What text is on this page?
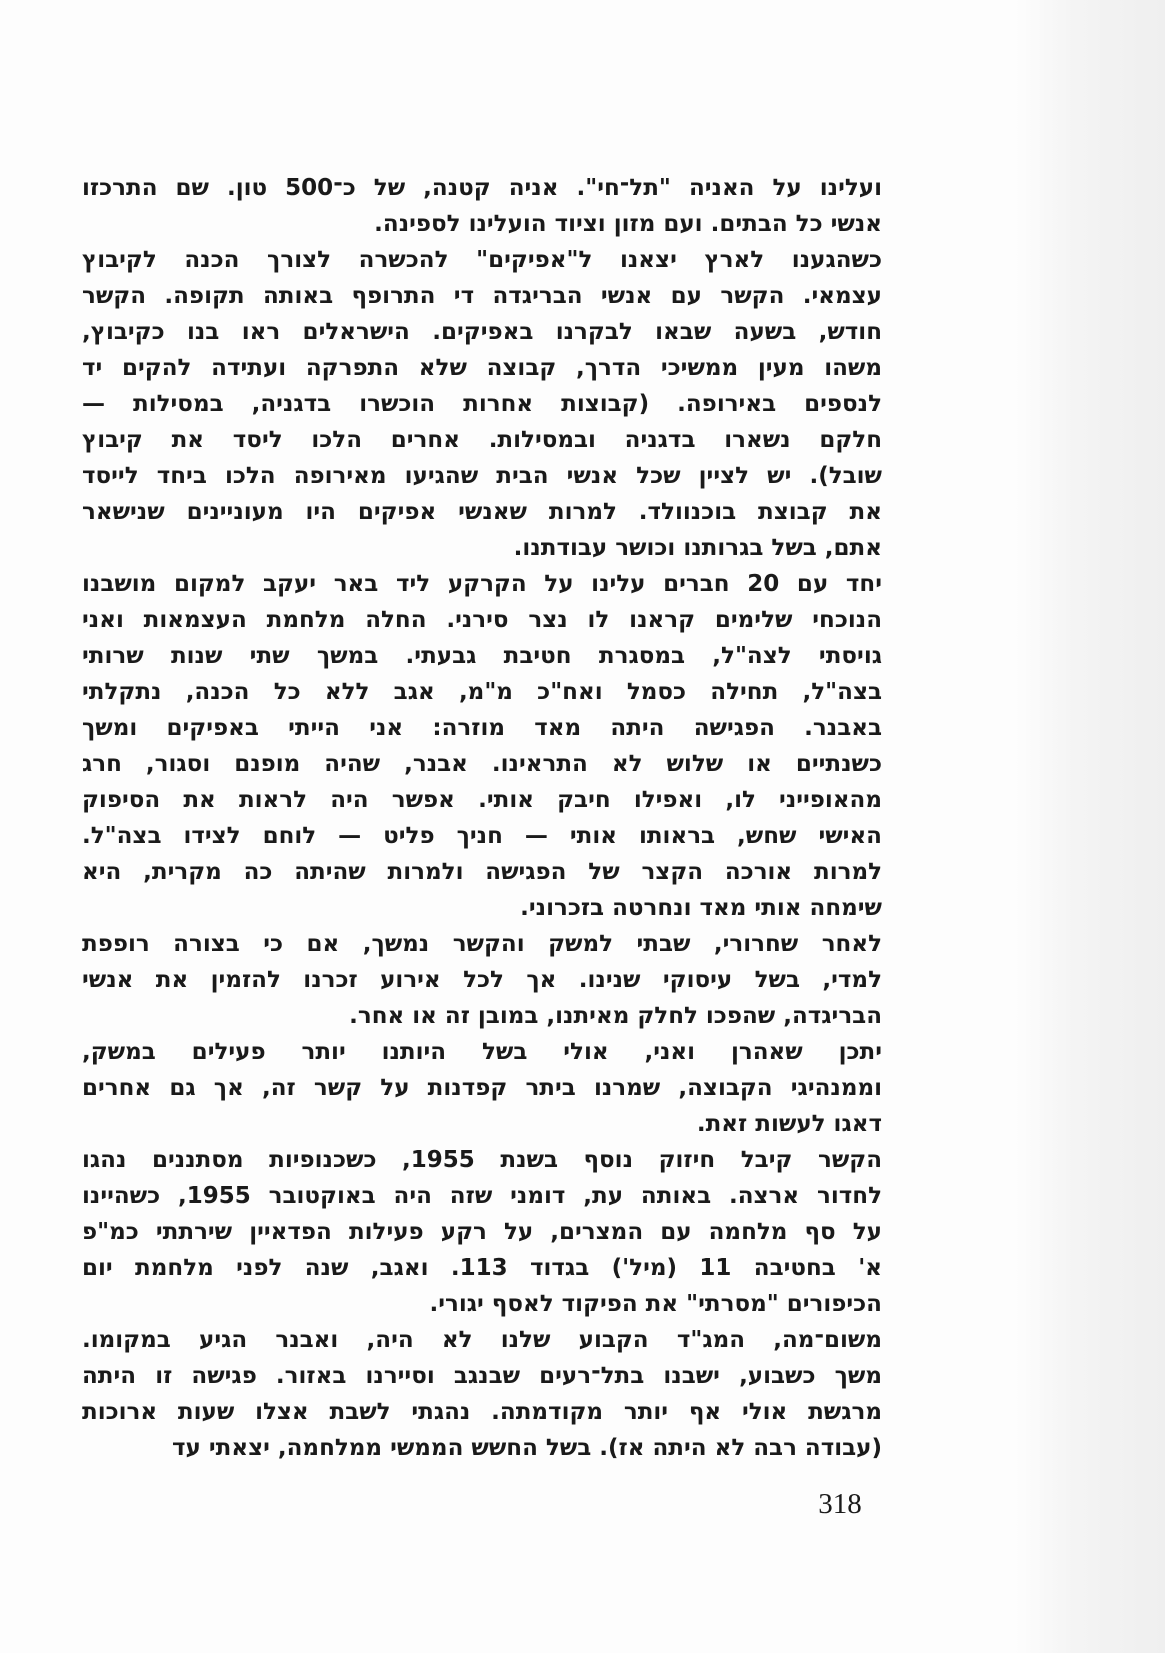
ועלינו על האניה "תל־חי". אניה קטנה, של כ־500 טון. שם התרכזו
אנשי כל הבתים. ועם מזון וציוד הועלינו לספינה.
כשהגענו לארץ יצאנו ל"אפיקים" להכשרה לצורך הכנה לקיבוץ
עצמאי. הקשר עם אנשי הבריגדה די התרופף באותה תקופה. הקשר
חודש, בשעה שבאו לבקרנו באפיקים. הישראלים ראו בנו כקיבוץ,
משהו מעין ממשיכי הדרך, קבוצה שלא התפרקה ועתידה להקים יד
לנספים באירופה. (קבוצות אחרות הוכשרו בדגניה, במסילות —
חלקם נשארו בדגניה ובמסילות. אחרים הלכו ליסד את קיבוץ
שובל). יש לציין שכל אנשי הבית שהגיעו מאירופה הלכו ביחד לייסד
את קבוצת בוכנוולד. למרות שאנשי אפיקים היו מעוניינים שנישאר
אתם, בשל בגרותנו וכושר עבודתנו.
יחד עם 20 חברים עלינו על הקרקע ליד באר יעקב למקום מושבנו
הנוכחי שלימים קראנו לו נצר סירני. החלה מלחמת העצמאות ואני
גויסתי לצה"ל, במסגרת חטיבת גבעתי. במשך שתי שנות שרותי
בצה"ל, תחילה כסמל ואח"כ מ"מ, אגב ללא כל הכנה, נתקלתי
באבנר. הפגישה היתה מאד מוזרה: אני הייתי באפיקים ומשך
כשנתיים או שלוש לא התראינו. אבנר, שהיה מופנם וסגור, חרג
מהאופייני לו, ואפילו חיבק אותי. אפשר היה לראות את הסיפוק
האישי שחש, בראותו אותי — חניך פליט — לוחם לצידו בצה"ל.
למרות אורכה הקצר של הפגישה ולמרות שהיתה כה מקרית, היא
שימחה אותי מאד ונחרטה בזכרוני.
לאחר שחרורי, שבתי למשק והקשר נמשך, אם כי בצורה רופפת
למדי, בשל עיסוקי שנינו. אך לכל אירוע זכרנו להזמין את אנשי
הבריגדה, שהפכו לחלק מאיתנו, במובן זה או אחר.
יתכן שאהרן ואני, אולי בשל היותנו יותר פעילים במשק,
וממנהיגי הקבוצה, שמרנו ביתר קפדנות על קשר זה, אך גם אחרים
דאגו לעשות זאת.
הקשר קיבל חיזוק נוסף בשנת 1955, כשכנופיות מסתננים נהגו
לחדור ארצה. באותה עת, דומני שזה היה באוקטובר 1955, כשהיינו
על סף מלחמה עם המצרים, על רקע פעילות הפדאיין שירתתי כמ"פ
א' בחטיבה 11 (מיל') בגדוד 113. ואגב, שנה לפני מלחמת יום
הכיפורים "מסרתי" את הפיקוד לאסף יגורי.
משום־מה, המג"ד הקבוע שלנו לא היה, ואבנר הגיע במקומו.
משך כשבוע, ישבנו בתל־רעים שבנגב וסיירנו באזור. פגישה זו היתה
מרגשת אולי אף יותר מקודמתה. נהגתי לשבת אצלו שעות ארוכות
(עבודה רבה לא היתה אז). בשל החשש הממשי ממלחמה, יצאתי עד
318
